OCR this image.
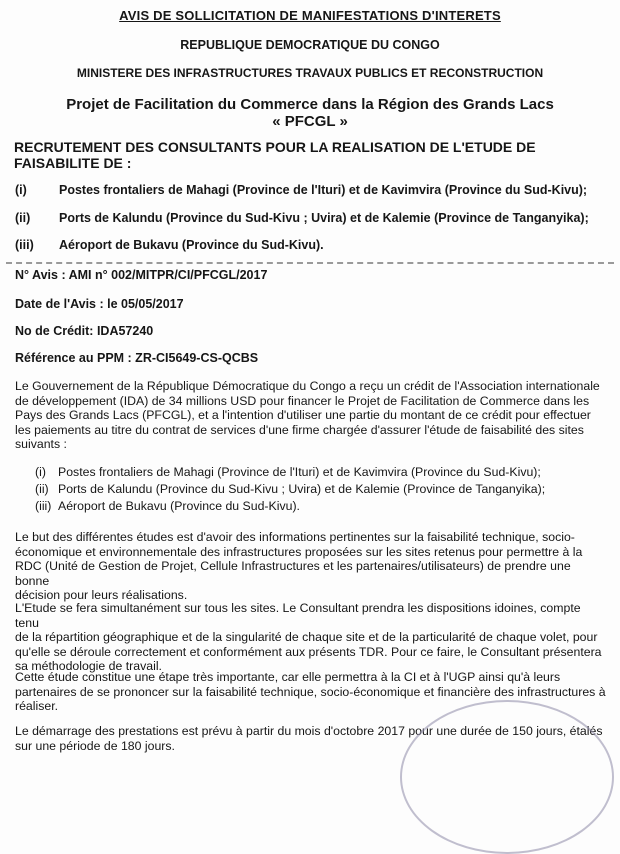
AVIS DE SOLLICITATION DE MANIFESTATIONS D'INTERETS
REPUBLIQUE DEMOCRATIQUE DU CONGO
MINISTERE DES INFRASTRUCTURES TRAVAUX PUBLICS ET RECONSTRUCTION
Projet de Facilitation du Commerce dans la Région des Grands Lacs
« PFCGL »
RECRUTEMENT DES CONSULTANTS POUR LA REALISATION DE L'ETUDE DE
FAISABILITE DE :
(i)	Postes frontaliers de Mahagi (Province de l'Ituri) et de Kavimvira (Province du Sud-Kivu);
(ii) Ports de Kalundu (Province du Sud-Kivu ; Uvira) et de Kalemie (Province de Tanganyika);
(iii) Aéroport de Bukavu (Province du Sud-Kivu).
N° Avis : AMI n° 002/MITPR/CI/PFCGL/2017
Date de l'Avis : le 05/05/2017
No de Crédit: IDA57240
Référence au PPM : ZR-CI5649-CS-QCBS
Le Gouvernement de la République Démocratique du Congo a reçu un crédit de l'Association internationale
de développement (IDA) de 34 millions USD pour financer le Projet de Facilitation de Commerce dans les
Pays des Grands Lacs (PFCGL), et a l'intention d'utiliser une partie du montant de ce crédit pour effectuer
les paiements au titre du contrat de services d'une firme chargée d'assurer l'étude de faisabilité des sites
suivants :
(i) Postes frontaliers de Mahagi (Province de l'Ituri) et de Kavimvira (Province du Sud-Kivu);
(ii) Ports de Kalundu (Province du Sud-Kivu ; Uvira) et de Kalemie (Province de Tanganyika);
(iii) Aéroport de Bukavu (Province du Sud-Kivu).
Le but des différentes études est d'avoir des informations pertinentes sur la faisabilité technique, socio-
économique et environnementale des infrastructures proposées sur les sites retenus pour permettre à la
RDC (Unité de Gestion de Projet, Cellule Infrastructures et les partenaires/utilisateurs) de prendre une bonne
décision pour leurs réalisations.
L'Etude se fera simultanément sur tous les sites. Le Consultant prendra les dispositions idoines, compte tenu
de la répartition géographique et de la singularité de chaque site et de la particularité de chaque volet, pour
qu'elle se déroule correctement et conformément aux présents TDR. Pour ce faire, le Consultant présentera
sa méthodologie de travail.
Cette étude constitue une étape très importante, car elle permettra à la CI et à l'UGP ainsi qu'à leurs
partenaires de se prononcer sur la faisabilité technique, socio-économique et financière des infrastructures à
réaliser.
Le démarrage des prestations est prévu à partir du mois d'octobre 2017 pour une durée de 150 jours, étalés
sur une période de 180 jours.
